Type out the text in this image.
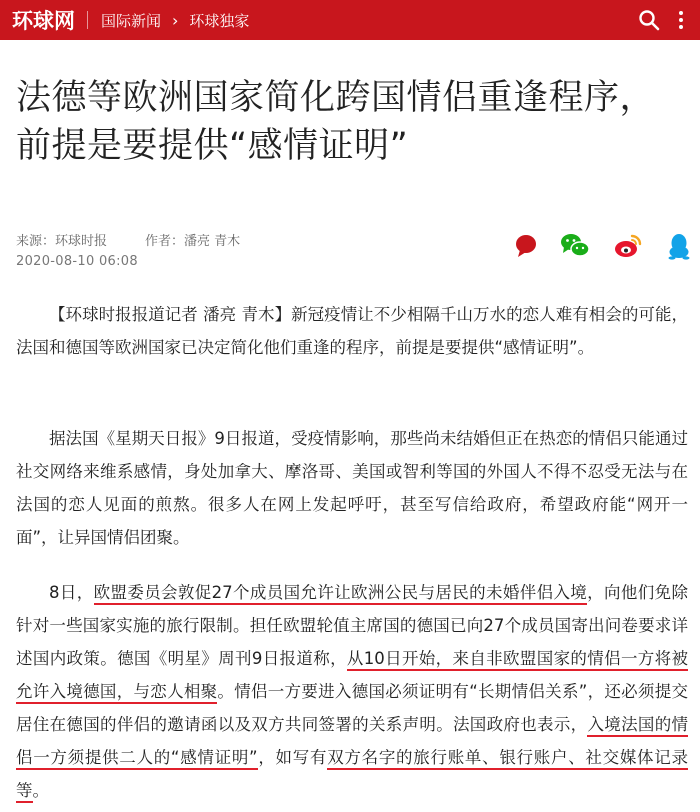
环球网 国际新闻 › 环球独家
法德等欧洲国家简化跨国情侣重逢程序，前提是要提供“感情证明”
来源：环球时报	作者：潘亮 青木
2020-08-10 06:08

【环球时报报道记者 潘亮 青木】新冠疫情让不少相隔千山万水的恋人难有相会的可能，法国和德国等欧洲国家已决定简化他们重逢的程序，前提是要提供“感情证明”。

据法国《星期天日报》9日报道，受疫情影响，那些尚未结婚但正在热恋的情侣只能通过社交网络来维系感情，身处加拿大、摩洛哥、美国或智利等国的外国人不得不忍受无法与在法国的恋人见面的煎熬。很多人在网上发起呼吁，甚至写信给政府，希望政府能“网开一面”，让异国情侣团聚。

8日，欧盟委员会敦促27个成员国允许让欧洲公民与居民的未婚伴侣入境，向他们免除针对一些国家实施的旅行限制。担任欧盟轮值主席国的德国已向27个成员国寄出问卷要求详述国内政策。德国《明星》周刊9日报道称，从10日开始，来自非欧盟国家的情侣一方将被允许入境德国，与恋人相聚。情侣一方要进入德国必须证明有“长期情侣关系”，还必须提交居住在德国的伴侣的邀请函以及双方共同签署的关系声明。法国政府也表示，入境法国的情侣一方须提供二人的“感情证明”，如写有双方名字的旅行账单、银行账户、社交媒体记录等。
